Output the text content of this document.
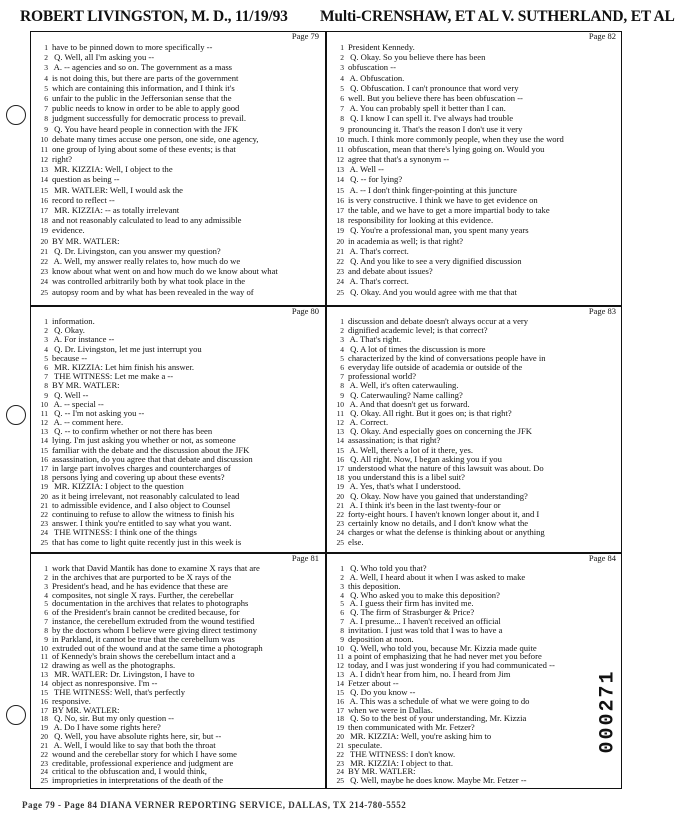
ROBERT LIVINGSTON, M. D., 11/19/93 Multi-CRENSHAW, ET AL V. SUTHERLAND, ET AL
Page 79
1 have to be pinned down to more specifically --
2 Q. Well, all I'm asking you --
3 A. -- agencies and so on. The government as a mass
4 is not doing this, but there are parts of the government
5 which are containing this information, and I think it's
6 unfair to the public in the Jeffersonian sense that the
7 public needs to know in order to be able to apply good
8 judgment successfully for democratic process to prevail.
9 Q. You have heard people in connection with the JFK
10 debate many times accuse one person, one side, one agency,
11 one group of lying about some of these events; is that
12 right?
13 MR. KIZZIA: Well, I object to the
14 question as being --
15 MR. WATLER: Well, I would ask the
16 record to reflect --
17 MR. KIZZIA: -- as totally irrelevant
18 and not reasonably calculated to lead to any admissible
19 evidence.
20 BY MR. WATLER:
21 Q. Dr. Livingston, can you answer my question?
22 A. Well, my answer really relates to, how much do we
23 know about what went on and how much do we know about what
24 was controlled arbitrarily both by what took place in the
25 autopsy room and by what has been revealed in the way of
Page 82
1 President Kennedy.
2 Q. Okay. So you believe there has been
3 obfuscation --
4 A. Obfuscation.
5 Q. Obfuscation. I can't pronounce that word very
6 well. But you believe there has been obfuscation --
7 A. You can probably spell it better than I can.
8 Q. I know I can spell it. I've always had trouble
9 pronouncing it. That's the reason I don't use it very
10 much. I think more commonly people, when they use the word
11 obfuscation, mean that there's lying going on. Would you
12 agree that that's a synonym --
13 A. Well --
14 Q. -- for lying?
15 A. -- I don't think finger-pointing at this juncture
16 is very constructive. I think we have to get evidence on
17 the table, and we have to get a more impartial body to take
18 responsibility for looking at this evidence.
19 Q. You're a professional man, you spent many years
20 in academia as well; is that right?
21 A. That's correct.
22 Q. And you like to see a very dignified discussion
23 and debate about issues?
24 A. That's correct.
25 Q. Okay. And you would agree with me that that
Page 80
1 information.
2 Q. Okay.
3 A. For instance --
4 Q. Dr. Livingston, let me just interrupt you
5 because --
6 MR. KIZZIA: Let him finish his answer.
7 THE WITNESS: Let me make a --
8 BY MR. WATLER:
9 Q. Well --
10 A. -- special --
11 Q. -- I'm not asking you --
12 A. -- comment here.
13 Q. -- to confirm whether or not there has been
14 lying. I'm just asking you whether or not, as someone
15 familiar with the debate and the discussion about the JFK
16 assassination, do you agree that that debate and discussion
17 in large part involves charges and countercharges of
18 persons lying and covering up about these events?
19 MR. KIZZIA: I object to the question
20 as it being irrelevant, not reasonably calculated to lead
21 to admissible evidence, and I also object to Counsel
22 continuing to refuse to allow the witness to finish his
23 answer. I think you're entitled to say what you want.
24 THE WITNESS: I think one of the things
25 that has come to light quite recently just in this week is
Page 83
1 discussion and debate doesn't always occur at a very
2 dignified academic level; is that correct?
3 A. That's right.
4 Q. A lot of times the discussion is more
5 characterized by the kind of conversations people have in
6 everyday life outside of academia or outside of the
7 professional world?
8 A. Well, it's often caterwauling.
9 Q. Caterwauling? Name calling?
10 A. And that doesn't get us forward.
11 Q. Okay. All right. But it goes on; is that right?
12 A. Correct.
13 Q. Okay. And especially goes on concerning the JFK
14 assassination; is that right?
15 A. Well, there's a lot of it there, yes.
16 Q. All right. Now, I began asking you if you
17 understood what the nature of this lawsuit was about. Do
18 you understand this is a libel suit?
19 A. Yes, that's what I understood.
20 Q. Okay. Now have you gained that understanding?
21 A. I think it's been in the last twenty-four or
22 forty-eight hours. I haven't known longer about it, and I
23 certainly know no details, and I don't know what the
24 charges or what the defense is thinking about or anything
25 else.
Page 81
1 work that David Mantik has done to examine X rays that are
2 in the archives that are purported to be X rays of the
3 President's head, and he has evidence that these are
4 composites, not single X rays. Further, the cerebellar
5 documentation in the archives that relates to photographs
6 of the President's brain cannot be credited because, for
7 instance, the cerebellum extruded from the wound testified
8 by the doctors whom I believe were giving direct testimony
9 in Parkland, it cannot be true that the cerebellum was
10 extruded out of the wound and at the same time a photograph
11 of Kennedy's brain shows the cerebellum intact and a
12 drawing as well as the photographs.
13 MR. WATLER: Dr. Livingston, I have to
14 object as nonresponsive. I'm --
15 THE WITNESS: Well, that's perfectly
16 responsive.
17 BY MR. WATLER:
18 Q. No, sir. But my only question --
19 A. Do I have some rights here?
20 Q. Well, you have absolute rights here, sir, but --
21 A. Well, I would like to say that both the throat
22 wound and the cerebellar story for which I have some
23 creditable, professional experience and judgment are
24 critical to the obfuscation and, I would think,
25 improprieties in interpretations of the death of the
Page 84
1 Q. Who told you that?
2 A. Well, I heard about it when I was asked to make
3 this deposition.
4 Q. Who asked you to make this deposition?
5 A. I guess their firm has invited me.
6 Q. The firm of Strasburger & Price?
7 A. I presume... I haven't received an official
8 invitation. I just was told that I was to have a
9 deposition at noon.
10 Q. Well, who told you, because Mr. Kizzia made quite
11 a point of emphasizing that he had never met you before
12 today, and I was just wondering if you had communicated --
13 A. I didn't hear from him, no. I heard from Jim
14 Fetzer about --
15 Q. Do you know --
16 A. This was a schedule of what we were going to do
17 when we were in Dallas.
18 Q. So to the best of your understanding, Mr. Kizzia
19 then communicated with Mr. Fetzer?
20 MR. KIZZIA: Well, you're asking him to
21 speculate.
22 THE WITNESS: I don't know.
23 MR. KIZZIA: I object to that.
24 BY MR. WATLER:
25 Q. Well, maybe he does know. Maybe Mr. Fetzer --
Page 79 - Page 84 DIANA VERNER REPORTING SERVICE, DALLAS, TX 214-780-5552
000271
